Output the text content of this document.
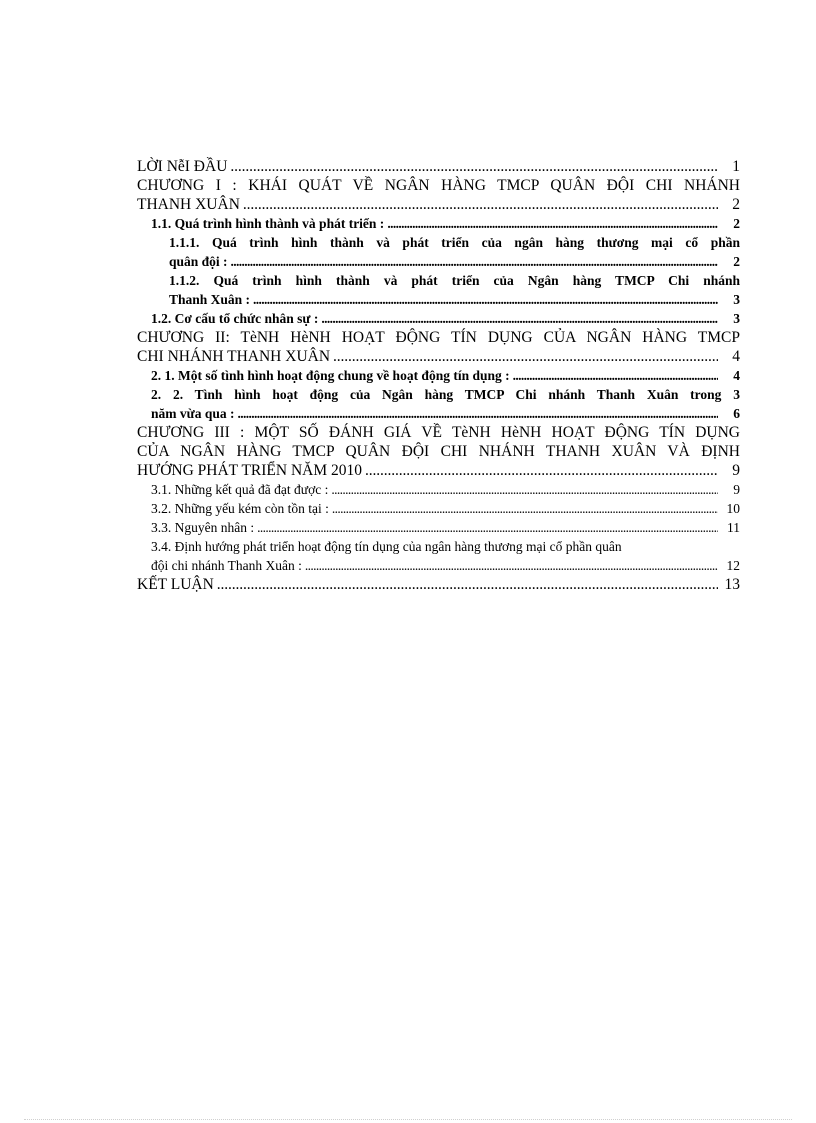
LỜI NễI ĐẦU . . .	1
CHƯƠNG I : KHÁI QUÁT VỀ NGÂN HÀNG TMCP QUÂN ĐỘI CHI NHÁNH
THANH XUÂN . . .	2
1.1. Quá trình hình thành và phát triển : . . .	2
1.1.1. Quá trình hình thành và phát triển của ngân hàng thương mại cổ phần
quân đội : . . .	2
1.1.2. Quá trình hình thành và phát triển của Ngân hàng TMCP Chi nhánh
Thanh Xuân : . . .	3
1.2. Cơ cấu tổ chức nhân sự : . . .	3
CHƯƠNG II: TèNH HèNH HOẠT ĐỘNG TÍN DỤNG CỦA NGÂN HÀNG TMCP
CHI NHÁNH THANH XUÂN . . .	4
2. 1. Một số tình hình hoạt động chung về hoạt động tín dụng : . . .	4
2. 2. Tình hình hoạt động của Ngân hàng TMCP Chi nhánh Thanh Xuân trong 3
năm vừa qua : . . .	6
CHƯƠNG III : MỘT SỐ ĐÁNH GIÁ VỀ TèNH HèNH HOẠT ĐỘNG TÍN DỤNG
CỦA NGÂN HÀNG TMCP QUÂN ĐỘI CHI NHÁNH THANH XUÂN VÀ ĐỊNH
HƯỚNG PHÁT TRIỂN NĂM 2010 . . .	9
3.1. Những kết quả đã đạt được : . . .	9
3.2. Những yếu kém còn tồn tại : . . .	10
3.3. Nguyên nhân : . . .	11
3.4. Định hướng phát triển hoạt động tín dụng của ngân hàng thương mại cổ phần quân
đội chi nhánh Thanh Xuân : . . .	12
KẾT LUẬN . . .	13
